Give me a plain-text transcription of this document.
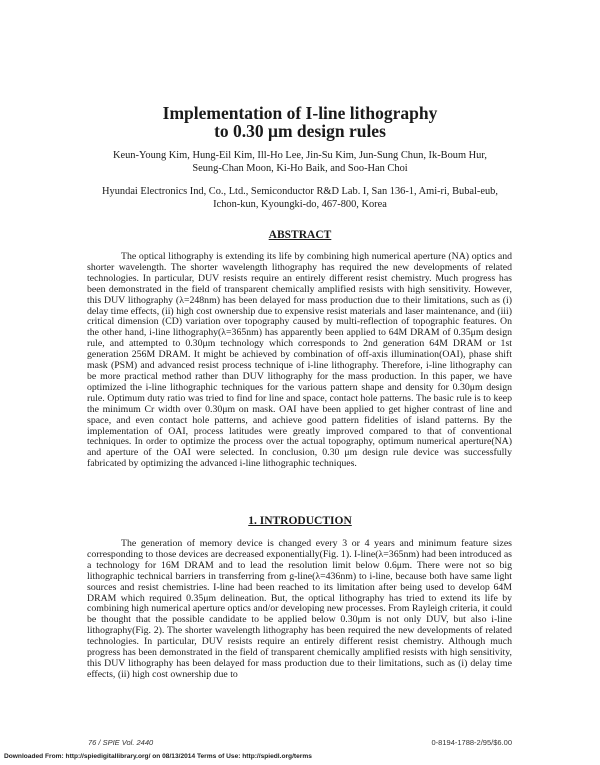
Implementation of I-line lithography
to 0.30 μm design rules
Keun-Young Kim, Hung-Eil Kim, Ill-Ho Lee, Jin-Su Kim, Jun-Sung Chun, Ik-Boum Hur, Seung-Chan Moon, Ki-Ho Baik, and Soo-Han Choi
Hyundai Electronics Ind, Co., Ltd., Semiconductor R&D Lab. I, San 136-1, Ami-ri, Bubal-eub, Ichon-kun, Kyoungki-do, 467-800, Korea
ABSTRACT

The optical lithography is extending its life by combining high numerical aperture (NA) optics and shorter wavelength. The shorter wavelength lithography has required the new developments of related technologies. In particular, DUV resists require an entirely different resist chemistry. Much progress has been demonstrated in the field of transparent chemically amplified resists with high sensitivity. However, this DUV lithography (λ=248nm) has been delayed for mass production due to their limitations, such as (i) delay time effects, (ii) high cost ownership due to expensive resist materials and laser maintenance, and (iii) critical dimension (CD) variation over topography caused by multi-reflection of topographic features. On the other hand, i-line lithography(λ=365nm) has apparently been applied to 64M DRAM of 0.35μm design rule, and attempted to 0.30μm technology which corresponds to 2nd generation 64M DRAM or 1st generation 256M DRAM. It might be achieved by combination of off-axis illumination(OAI), phase shift mask (PSM) and advanced resist process technique of i-line lithography. Therefore, i-line lithography can be more practical method rather than DUV lithography for the mass production. In this paper, we have optimized the i-line lithographic techniques for the various pattern shape and density for 0.30μm design rule. Optimum duty ratio was tried to find for line and space, contact hole patterns. The basic rule is to keep the minimum Cr width over 0.30μm on mask. OAI have been applied to get higher contrast of line and space, and even contact hole patterns, and achieve good pattern fidelities of island patterns. By the implementation of OAI, process latitudes were greatly improved compared to that of conventional techniques. In order to optimize the process over the actual topography, optimum numerical aperture(NA) and aperture of the OAI were selected. In conclusion, 0.30 μm design rule device was successfully fabricated by optimizing the advanced i-line lithographic techniques.

1. INTRODUCTION

The generation of memory device is changed every 3 or 4 years and minimum feature sizes corresponding to those devices are decreased exponentially(Fig. 1). I-line(λ=365nm) had been introduced as a technology for 16M DRAM and to lead the resolution limit below 0.6μm. There were not so big lithographic technical barriers in transferring from g-line(λ=436nm) to i-line, because both have same light sources and resist chemistries. I-line had been reached to its limitation after being used to develop 64M DRAM which required 0.35μm delineation. But, the optical lithography has tried to extend its life by combining high numerical aperture optics and/or developing new processes. From Rayleigh criteria, it could be thought that the possible candidate to be applied below 0.30μm is not only DUV, but also i-line lithography(Fig. 2). The shorter wavelength lithography has been required the new developments of related technologies. In particular, DUV resists require an entirely different resist chemistry. Although much progress has been demonstrated in the field of transparent chemically amplified resists with high sensitivity, this DUV lithography has been delayed for mass production due to their limitations, such as (i) delay time effects, (ii) high cost ownership due to

76 / SPIE Vol. 2440	0-8194-1788-2/95/$6.00
Downloaded From: http://spiedigitallibrary.org/ on 08/13/2014 Terms of Use: http://spiedl.org/terms
